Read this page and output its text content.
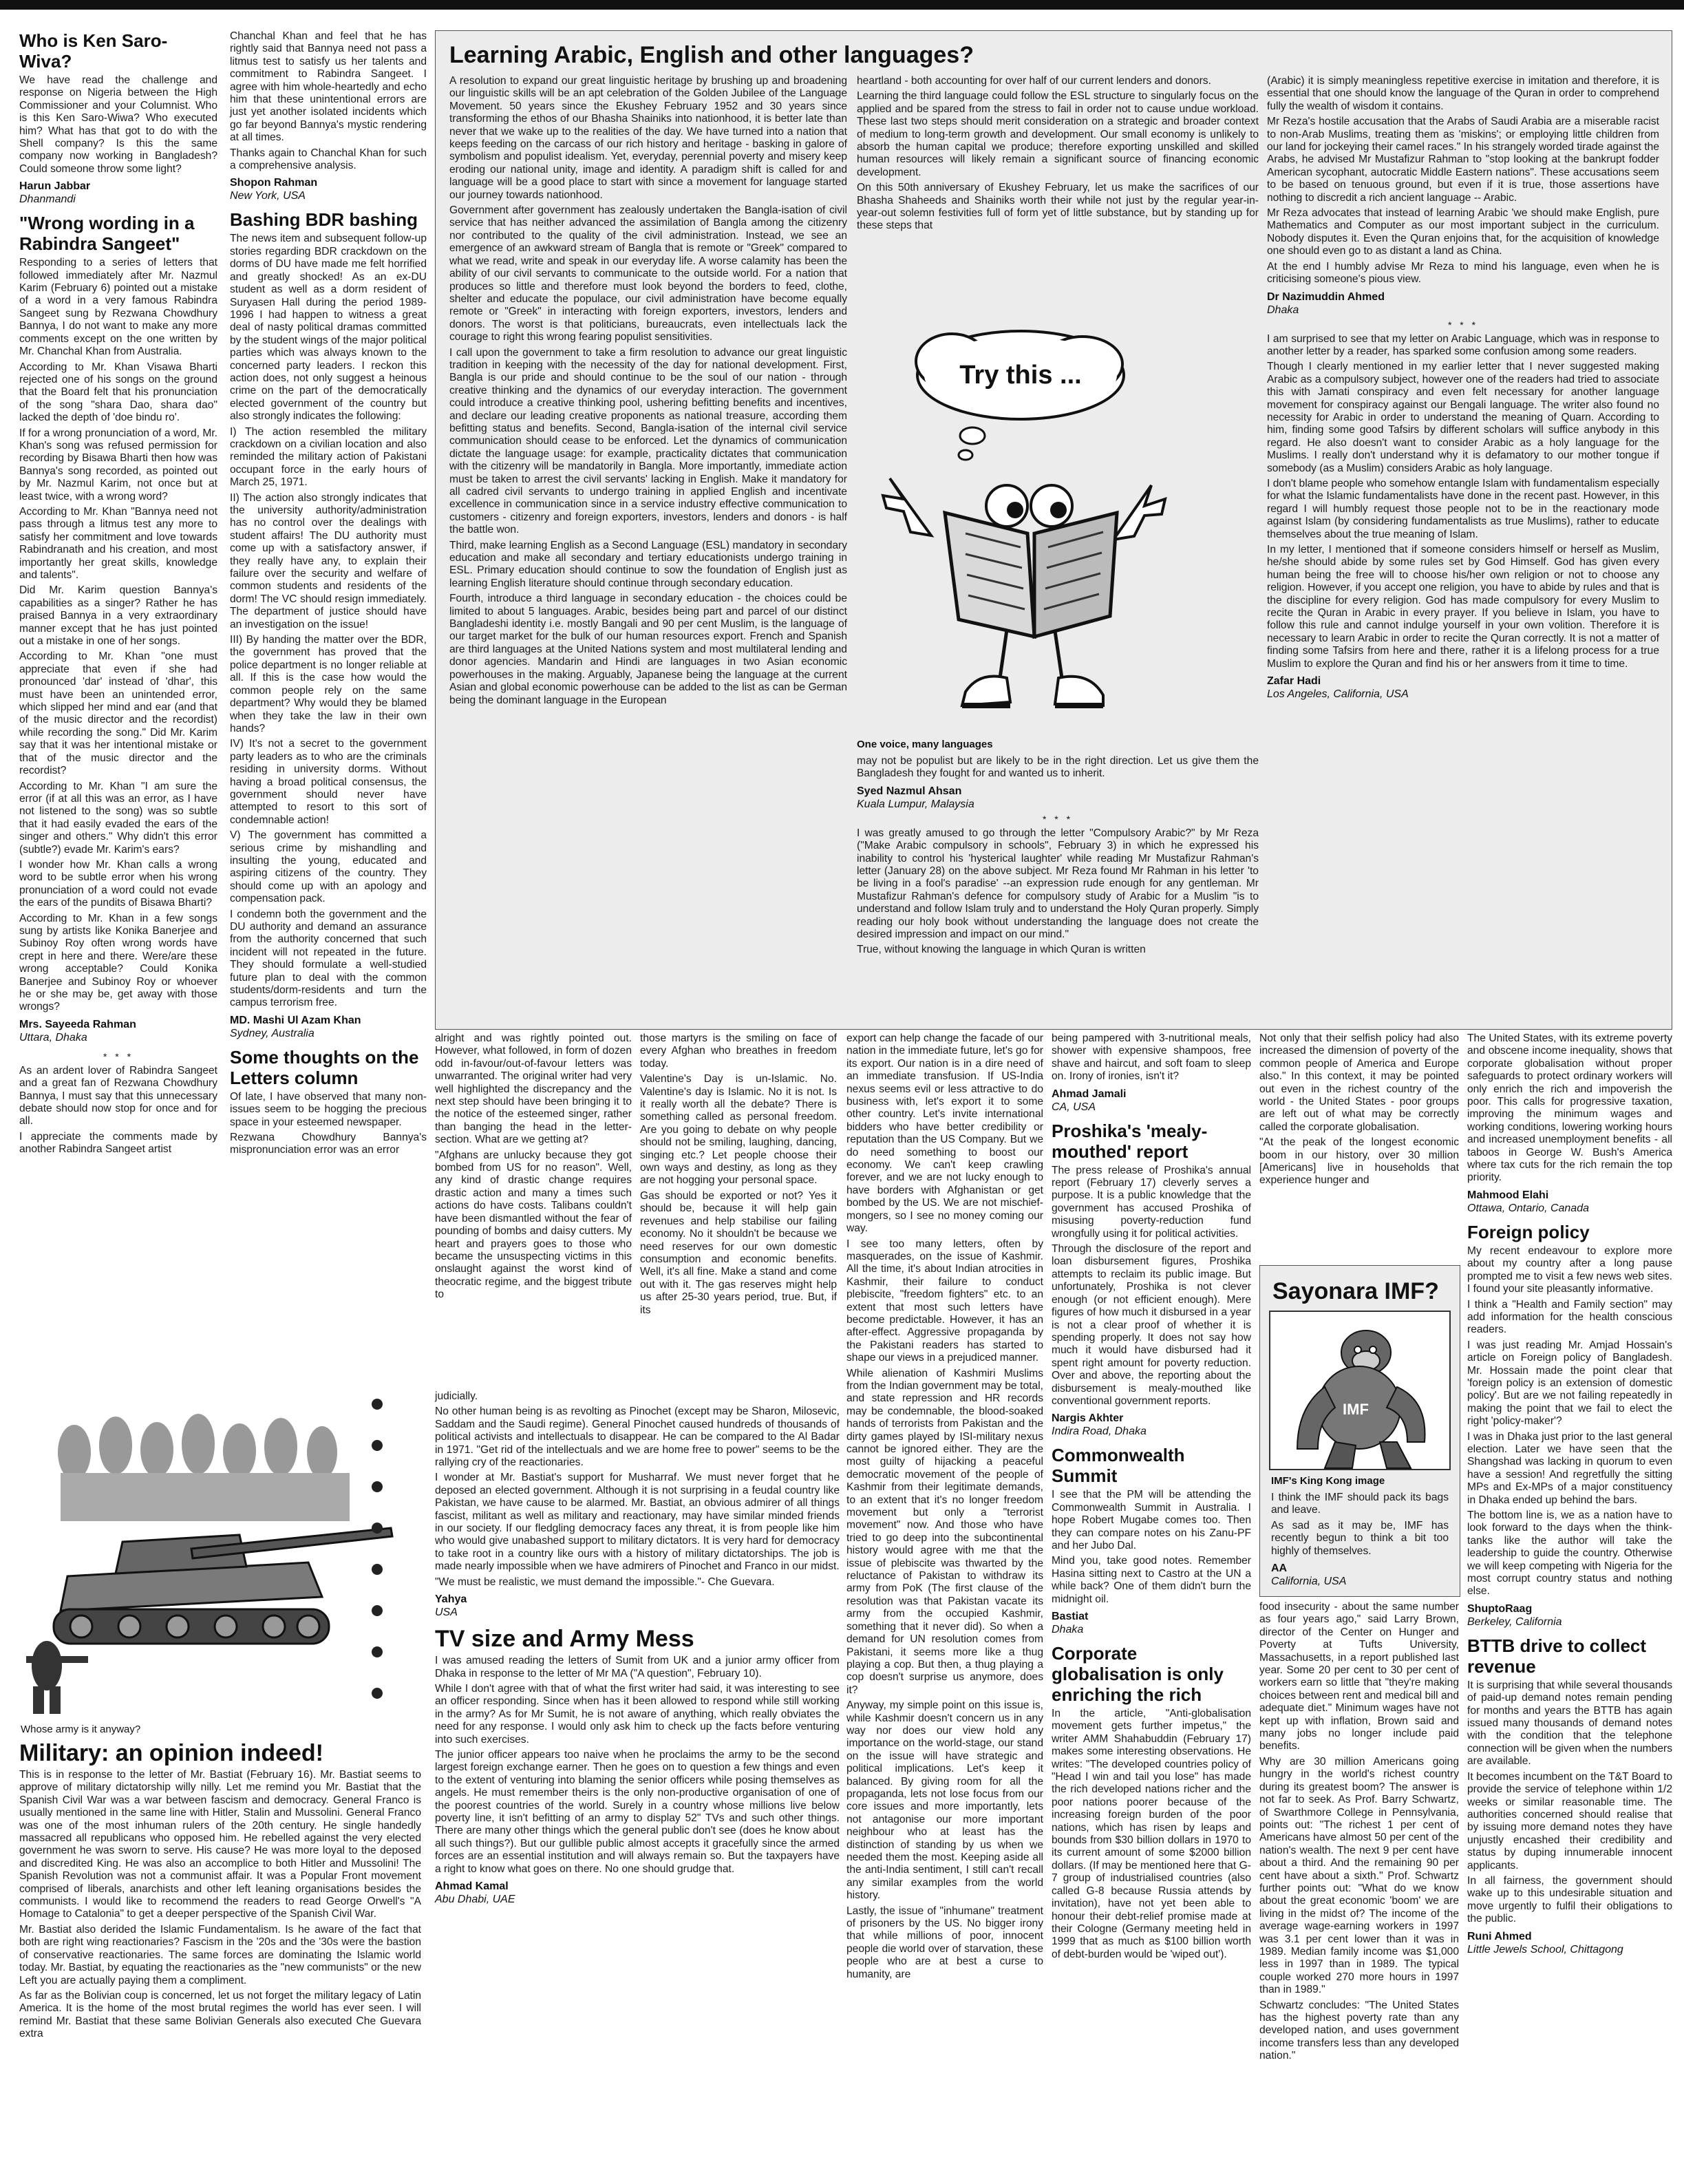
Who is Ken Saro-Wiva?

We have read the challenge and response on Nigeria between the High Commissioner and your Columnist. Who is this Ken Saro-Wiwa? Who executed him? What has that got to do with the Shell company? Is this the same company now working in Bangladesh? Could someone throw some light?

Harun Jabbar

Dhanmandi

"Wrong wording in a Rabindra Sangeet"

Responding to a series of letters that followed immediately after Mr. Nazmul Karim (February 6) pointed out a mistake of a word in a very famous Rabindra Sangeet sung by Rezwana Chowdhury Bannya, I do not want to make any more comments except on the one written by Mr. Chanchal Khan from Australia.

According to Mr. Khan Visawa Bharti rejected one of his songs on the ground that the Board felt that his pronunciation of the song "shara Dao, shara dao" lacked the depth of 'doe bindu ro'.

If for a wrong pronunciation of a word, Mr. Khan's song was refused permission for recording by Bisawa Bharti then how was Bannya's song recorded, as pointed out by Mr. Nazmul Karim, not once but at least twice, with a wrong word?

According to Mr. Khan "Bannya need not pass through a litmus test any more to satisfy her commitment and love towards Rabindranath and his creation, and most importantly her great skills, knowledge and talents".

Did Mr. Karim question Bannya's capabilities as a singer? Rather he has praised Bannya in a very extraordinary manner except that he has just pointed out a mistake in one of her songs.

According to Mr. Khan "one must appreciate that even if she had pronounced 'dar' instead of 'dhar', this must have been an unintended error, which slipped her mind and ear (and that of the music director and the recordist) while recording the song." Did Mr. Karim say that it was her intentional mistake or that of the music director and the recordist?

According to Mr. Khan "I am sure the error (if at all this was an error, as I have not listened to the song) was so subtle that it had easily evaded the ears of the singer and others." Why didn't this error (subtle?) evade Mr. Karim's ears?

I wonder how Mr. Khan calls a wrong word to be subtle error when his wrong pronunciation of a word could not evade the ears of the pundits of Bisawa Bharti?

According to Mr. Khan in a few songs sung by artists like Konika Banerjee and Subinoy Roy often wrong words have crept in here and there. Were/are these wrong acceptable? Could Konika Banerjee and Subinoy Roy or whoever he or she may be, get away with those wrongs?

Mrs. Sayeeda Rahman

Uttara, Dhaka

* * *

As an ardent lover of Rabindra Sangeet and a great fan of Rezwana Chowdhury Bannya, I must say that this unnecessary debate should now stop for once and for all.

I appreciate the comments made by another Rabindra Sangeet artist

Chanchal Khan and feel that he has rightly said that Bannya need not pass a litmus test to satisfy us her talents and commitment to Rabindra Sangeet. I agree with him whole-heartedly and echo him that these unintentional errors are just yet another isolated incidents which go far beyond Bannya's mystic rendering at all times.

Thanks again to Chanchal Khan for such a comprehensive analysis.

Shopon Rahman

New York, USA

Bashing BDR bashing

The news item and subsequent follow-up stories regarding BDR crackdown on the dorms of DU have made me felt horrified and greatly shocked! As an ex-DU student as well as a dorm resident of Suryasen Hall during the period 1989-1996 I had happen to witness a great deal of nasty political dramas committed by the student wings of the major political parties which was always known to the concerned party leaders. I reckon this action does, not only suggest a heinous crime on the part of the democratically elected government of the country but also strongly indicates the following:

I) The action resembled the military crackdown on a civilian location and also reminded the military action of Pakistani occupant force in the early hours of March 25, 1971.

II) The action also strongly indicates that the university authority/administration has no control over the dealings with student affairs! The DU authority must come up with a satisfactory answer, if they really have any, to explain their failure over the security and welfare of common students and residents of the dorm! The VC should resign immediately. The department of justice should have an investigation on the issue!

III) By handing the matter over the BDR, the government has proved that the police department is no longer reliable at all. If this is the case how would the common people rely on the same department? Why would they be blamed when they take the law in their own hands?

IV) It's not a secret to the government party leaders as to who are the criminals residing in university dorms. Without having a broad political consensus, the government should never have attempted to resort to this sort of condemnable action!

V) The government has committed a serious crime by mishandling and insulting the young, educated and aspiring citizens of the country. They should come up with an apology and compensation pack.

I condemn both the government and the DU authority and demand an assurance from the authority concerned that such incident will not repeated in the future. They should formulate a well-studied future plan to deal with the common students/dorm-residents and turn the campus terrorism free.

MD. Mashi Ul Azam Khan

Sydney, Australia

Some thoughts on the Letters column

Of late, I have observed that many non-issues seem to be hogging the precious space in your esteemed newspaper.

Rezwana Chowdhury Bannya's mispronunciation error was an error

Learning Arabic, English and other languages?

A resolution to expand our great linguistic heritage by brushing up and broadening our linguistic skills will be an apt celebration of the Golden Jubilee of the Language Movement. 50 years since the Ekushey February 1952 and 30 years since transforming the ethos of our Bhasha Shainiks into nationhood, it is better late than never that we wake up to the realities of the day. We have turned into a nation that keeps feeding on the carcass of our rich history and heritage - basking in galore of symbolism and populist idealism. Yet, everyday, perennial poverty and misery keep eroding our national unity, image and identity. A paradigm shift is called for and language will be a good place to start with since a movement for language started our journey towards nationhood.

Government after government has zealously undertaken the Bangla-isation of civil service that has neither advanced the assimilation of Bangla among the citizenry nor contributed to the quality of the civil administration. Instead, we see an emergence of an awkward stream of Bangla that is remote or "Greek" compared to what we read, write and speak in our everyday life. A worse calamity has been the ability of our civil servants to communicate to the outside world. For a nation that produces so little and therefore must look beyond the borders to feed, clothe, shelter and educate the populace, our civil administration have become equally remote or "Greek" in interacting with foreign exporters, investors, lenders and donors. The worst is that politicians, bureaucrats, even intellectuals lack the courage to right this wrong fearing populist sensitivities.

I call upon the government to take a firm resolution to advance our great linguistic tradition in keeping with the necessity of the day for national development. First, Bangla is our pride and should continue to be the soul of our nation - through creative thinking and the dynamics of our everyday interaction. The government could introduce a creative thinking pool, ushering befitting benefits and incentives, and declare our leading creative proponents as national treasure, according them befitting status and benefits. Second, Bangla-isation of the internal civil service communication should cease to be enforced. Let the dynamics of communication dictate the language usage: for example, practicality dictates that communication with the citizenry will be mandatorily in Bangla. More importantly, immediate action must be taken to arrest the civil servants' lacking in English. Make it mandatory for all cadred civil servants to undergo training in applied English and incentivate excellence in communication since in a service industry effective communication to customers - citizenry and foreign exporters, investors, lenders and donors - is half the battle won.

Third, make learning English as a Second Language (ESL) mandatory in secondary education and make all secondary and tertiary educationists undergo training in ESL. Primary education should continue to sow the foundation of English just as learning English literature should continue through secondary education.

Fourth, introduce a third language in secondary education - the choices could be limited to about 5 languages. Arabic, besides being part and parcel of our distinct Bangladeshi identity i.e. mostly Bangali and 90 per cent Muslim, is the language of our target market for the bulk of our human resources export. French and Spanish are third languages at the United Nations system and most multilateral lending and donor agencies. Mandarin and Hindi are languages in two Asian economic powerhouses in the making. Arguably, Japanese being the language at the current Asian and global economic powerhouse can be added to the list as can be German being the dominant language in the European

heartland - both accounting for over half of our current lenders and donors.

Learning the third language could follow the ESL structure to singularly focus on the applied and be spared from the stress to fail in order not to cause undue workload. These last two steps should merit consideration on a strategic and broader context of medium to long-term growth and development. Our small economy is unlikely to absorb the human capital we produce; therefore exporting unskilled and skilled human resources will likely remain a significant source of financing economic development.

On this 50th anniversary of Ekushey February, let us make the sacrifices of our Bhasha Shaheeds and Shainiks worth their while not just by the regular year-in-year-out solemn festivities full of form yet of little substance, but by standing up for these steps that

Try this ...
One voice, many languages

may not be populist but are likely to be in the right direction. Let us give them the Bangladesh they fought for and wanted us to inherit.

Syed Nazmul Ahsan

Kuala Lumpur, Malaysia

* * *

I was greatly amused to go through the letter "Compulsory Arabic?" by Mr Reza ("Make Arabic compulsory in schools", February 3) in which he expressed his inability to control his 'hysterical laughter' while reading Mr Mustafizur Rahman's letter (January 28) on the above subject. Mr Reza found Mr Rahman in his letter 'to be living in a fool's paradise' --an expression rude enough for any gentleman. Mr Mustafizur Rahman's defence for compulsory study of Arabic for a Muslim "is to understand and follow Islam truly and to understand the Holy Quran properly. Simply reading our holy book without understanding the language does not create the desired impression and impact on our mind."

True, without knowing the language in which Quran is written

(Arabic) it is simply meaningless repetitive exercise in imitation and therefore, it is essential that one should know the language of the Quran in order to comprehend fully the wealth of wisdom it contains.

Mr Reza's hostile accusation that the Arabs of Saudi Arabia are a miserable racist to non-Arab Muslims, treating them as 'miskins'; or employing little children from our land for jockeying their camel races." In his strangely worded tirade against the Arabs, he advised Mr Mustafizur Rahman to "stop looking at the bankrupt fodder American sycophant, autocratic Middle Eastern nations". These accusations seem to be based on tenuous ground, but even if it is true, those assertions have nothing to discredit a rich ancient language -- Arabic.

Mr Reza advocates that instead of learning Arabic 'we should make English, pure Mathematics and Computer as our most important subject in the curriculum. Nobody disputes it. Even the Quran enjoins that, for the acquisition of knowledge one should even go to as distant a land as China.

At the end I humbly advise Mr Reza to mind his language, even when he is criticising someone's pious view.

Dr Nazimuddin Ahmed

Dhaka

* * *

I am surprised to see that my letter on Arabic Language, which was in response to another letter by a reader, has sparked some confusion among some readers.

Though I clearly mentioned in my earlier letter that I never suggested making Arabic as a compulsory subject, however one of the readers had tried to associate this with Jamati conspiracy and even felt necessary for another language movement for conspiracy against our Bengali language. The writer also found no necessity for Arabic in order to understand the meaning of Quarn. According to him, finding some good Tafsirs by different scholars will suffice anybody in this regard. He also doesn't want to consider Arabic as a holy language for the Muslims. I really don't understand why it is defamatory to our mother tongue if somebody (as a Muslim) considers Arabic as holy language.

I don't blame people who somehow entangle Islam with fundamentalism especially for what the Islamic fundamentalists have done in the recent past. However, in this regard I will humbly request those people not to be in the reactionary mode against Islam (by considering fundamentalists as true Muslims), rather to educate themselves about the true meaning of Islam.

In my letter, I mentioned that if someone considers himself or herself as Muslim, he/she should abide by some rules set by God Himself. God has given every human being the free will to choose his/her own religion or not to choose any religion. However, if you accept one religion, you have to abide by rules and that is the discipline for every religion. God has made compulsory for every Muslim to recite the Quran in Arabic in every prayer. If you believe in Islam, you have to follow this rule and cannot indulge yourself in your own volition. Therefore it is necessary to learn Arabic in order to recite the Quran correctly. It is not a matter of finding some Tafsirs from here and there, rather it is a lifelong process for a true Muslim to explore the Quran and find his or her answers from it time to time.

Zafar Hadi

Los Angeles, California, USA

alright and was rightly pointed out. However, what followed, in form of dozen odd in-favour/out-of-favour letters was unwarranted. The original writer had very well highlighted the discrepancy and the next step should have been bringing it to the notice of the esteemed singer, rather than banging the head in the letter-section. What are we getting at?

"Afghans are unlucky because they got bombed from US for no reason". Well, any kind of drastic change requires drastic action and many a times such actions do have costs. Talibans couldn't have been dismantled without the fear of pounding of bombs and daisy cutters. My heart and prayers goes to those who became the unsuspecting victims in this onslaught against the worst kind of theocratic regime, and the biggest tribute to

those martyrs is the smiling on face of every Afghan who breathes in freedom today.

Valentine's Day is un-Islamic. No. Valentine's day is Islamic. No it is not. Is it really worth all the debate? There is something called as personal freedom. Are you going to debate on why people should not be smiling, laughing, dancing, singing etc.? Let people choose their own ways and destiny, as long as they are not hogging your personal space.

Gas should be exported or not? Yes it should be, because it will help gain revenues and help stabilise our failing economy. No it shouldn't be because we need reserves for our own domestic consumption and economic benefits. Well, it's all fine. Make a stand and come out with it. The gas reserves might help us after 25-30 years period, true. But, if its

export can help change the facade of our nation in the immediate future, let's go for its export. Our nation is in a dire need of an immediate transfusion. If US-India nexus seems evil or less attractive to do business with, let's export it to some other country. Let's invite international bidders who have better credibility or reputation than the US Company. But we do need something to boost our economy. We can't keep crawling forever, and we are not lucky enough to have borders with Afghanistan or get bombed by the US. We are not mischief-mongers, so I see no money coming our way.

I see too many letters, often by masquerades, on the issue of Kashmir. All the time, it's about Indian atrocities in Kashmir, their failure to conduct plebiscite, "freedom fighters" etc. to an extent that most such letters have become predictable. However, it has an after-effect. Aggressive propaganda by the Pakistani readers has started to shape our views in a prejudiced manner.

While alienation of Kashmiri Muslims from the Indian government may be total, and state repression and HR records may be condemnable, the blood-soaked hands of terrorists from Pakistan and the dirty games played by ISI-military nexus cannot be ignored either. They are the most guilty of hijacking a peaceful democratic movement of the people of Kashmir from their legitimate demands, to an extent that it's no longer freedom movement but only a "terrorist movement" now. And those who have tried to go deep into the subcontinental history would agree with me that the issue of plebiscite was thwarted by the reluctance of Pakistan to withdraw its army from PoK (The first clause of the resolution was that Pakistan vacate its army from the occupied Kashmir, something that it never did). So when a demand for UN resolution comes from Pakistani, it seems more like a thug playing a cop. But then, a thug playing a cop doesn't surprise us anymore, does it?

Anyway, my simple point on this issue is, while Kashmir doesn't concern us in any way nor does our view hold any importance on the world-stage, our stand on the issue will have strategic and political implications. Let's keep it balanced. By giving room for all the propaganda, lets not lose focus from our core issues and more importantly, lets not antagonise our more important neighbour who at least has the distinction of standing by us when we needed them the most. Keeping aside all the anti-India sentiment, I still can't recall any similar examples from the world history.

Lastly, the issue of "inhumane" treatment of prisoners by the US. No bigger irony that while millions of poor, innocent people die world over of starvation, these people who are at best a curse to humanity, are

being pampered with 3-nutritional meals, shower with expensive shampoos, free shave and haircut, and soft foam to sleep on. Irony of ironies, isn't it?

Ahmad Jamali

CA, USA

Proshika's 'mealy-mouthed' report

The press release of Proshika's annual report (February 17) cleverly serves a purpose. It is a public knowledge that the government has accused Proshika of misusing poverty-reduction fund wrongfully using it for political activities.

Through the disclosure of the report and loan disbursement figures, Proshika attempts to reclaim its public image. But unfortunately, Proshika is not clever enough (or not efficient enough). Mere figures of how much it disbursed in a year is not a clear proof of whether it is spending properly. It does not say how much it would have disbursed had it spent right amount for poverty reduction. Over and above, the reporting about the disbursement is mealy-mouthed like conventional government reports.

Nargis Akhter

Indira Road, Dhaka

Commonwealth Summit

I see that the PM will be attending the Commonwealth Summit in Australia. I hope Robert Mugabe comes too. Then they can compare notes on his Zanu-PF and her Jubo Dal.

Mind you, take good notes. Remember Hasina sitting next to Castro at the UN a while back? One of them didn't burn the midnight oil.

Bastiat

Dhaka

Corporate globalisation is only enriching the rich

In the article, "Anti-globalisation movement gets further impetus," the writer AMM Shahabuddin (February 17) makes some interesting observations. He writes: "The developed countries policy of "Head I win and tail you lose" has made the rich developed nations richer and the poor nations poorer because of the increasing foreign burden of the poor nations, which has risen by leaps and bounds from $30 billion dollars in 1970 to its current amount of some $2000 billion dollars. (If may be mentioned here that G-7 group of industrialised countries (also called G-8 because Russia attends by invitation), have not yet been able to honour their debt-relief promise made at their Cologne (Germany meeting held in 1999 that as much as $100 billion worth of debt-burden would be 'wiped out').

Not only that their selfish policy had also increased the dimension of poverty of the common people of America and Europe also." In this context, it may be pointed out even in the richest country of the world - the United States - poor groups are left out of what may be correctly called the corporate globalisation.

"At the peak of the longest economic boom in our history, over 30 million [Americans] live in households that experience hunger and

The United States, with its extreme poverty and obscene income inequality, shows that corporate globalisation without proper safeguards to protect ordinary workers will only enrich the rich and impoverish the poor. This calls for progressive taxation, improving the minimum wages and working conditions, lowering working hours and increased unemployment benefits - all taboos in George W. Bush's America where tax cuts for the rich remain the top priority.

Mahmood Elahi

Ottawa, Ontario, Canada

Foreign policy

My recent endeavour to explore more about my country after a long pause prompted me to visit a few news web sites. I found your site pleasantly informative.

I think a "Health and Family section" may add information for the health conscious readers.

I was just reading Mr. Amjad Hossain's article on Foreign policy of Bangladesh. Mr. Hossain made the point clear that 'foreign policy is an extension of domestic policy'. But are we not failing repeatedly in making the point that we fail to elect the right 'policy-maker'?

I was in Dhaka just prior to the last general election. Later we have seen that the Shangshad was lacking in quorum to even have a session! And regretfully the sitting MPs and Ex-MPs of a major constituency in Dhaka ended up behind the bars.

The bottom line is, we as a nation have to look forward to the days when the think-tanks like the author will take the leadership to guide the country. Otherwise we will keep competing with Nigeria for the most corrupt country status and nothing else.

ShuptoRaag

Berkeley, California

BTTB drive to collect revenue

It is surprising that while several thousands of paid-up demand notes remain pending for months and years the BTTB has again issued many thousands of demand notes with the condition that the telephone connection will be given when the numbers are available.

It becomes incumbent on the T&T Board to provide the service of telephone within 1/2 weeks or similar reasonable time. The authorities concerned should realise that by issuing more demand notes they have unjustly encashed their credibility and status by duping innumerable innocent applicants.

In all fairness, the government should wake up to this undesirable situation and move urgently to fulfil their obligations to the public.

Runi Ahmed

Little Jewels School, Chittagong

Sayonara IMF?
IMF
IMF's King Kong image

I think the IMF should pack its bags and leave.

As sad as it may be, IMF has recently begun to think a bit too highly of themselves.

AA

California, USA

food insecurity - about the same number as four years ago," said Larry Brown, director of the Center on Hunger and Poverty at Tufts University, Massachusetts, in a report published last year. Some 20 per cent to 30 per cent of workers earn so little that "they're making choices between rent and medical bill and adequate diet." Minimum wages have not kept up with inflation, Brown said and many jobs no longer include paid benefits.

Why are 30 million Americans going hungry in the world's richest country during its greatest boom? The answer is not far to seek. As Prof. Barry Schwartz, of Swarthmore College in Pennsylvania, points out: "The richest 1 per cent of Americans have almost 50 per cent of the nation's wealth. The next 9 per cent have about a third. And the remaining 90 per cent have about a sixth." Prof. Schwartz further points out: "What do we know about the great economic 'boom' we are living in the midst of? The income of the average wage-earning workers in 1997 was 3.1 per cent lower than it was in 1989. Median family income was $1,000 less in 1997 than in 1989. The typical couple worked 270 more hours in 1997 than in 1989."

Schwartz concludes: "The United States has the highest poverty rate than any developed nation, and uses government income transfers less than any developed nation."

Whose army is it anyway?
Military: an opinion indeed!

This is in response to the letter of Mr. Bastiat (February 16). Mr. Bastiat seems to approve of military dictatorship willy nilly. Let me remind you Mr. Bastiat that the Spanish Civil War was a war between fascism and democracy. General Franco is usually mentioned in the same line with Hitler, Stalin and Mussolini. General Franco was one of the most inhuman rulers of the 20th century. He single handedly massacred all republicans who opposed him. He rebelled against the very elected government he was sworn to serve. His cause? He was more loyal to the deposed and discredited King. He was also an accomplice to both Hitler and Mussolini! The Spanish Revolution was not a communist affair. It was a Popular Front movement comprised of liberals, anarchists and other left leaning organisations besides the communists. I would like to recommend the readers to read George Orwell's "A Homage to Catalonia" to get a deeper perspective of the Spanish Civil War.

Mr. Bastiat also derided the Islamic Fundamentalism. Is he aware of the fact that both are right wing reactionaries? Fascism in the '20s and the '30s were the bastion of conservative reactionaries. The same forces are dominating the Islamic world today. Mr. Bastiat, by equating the reactionaries as the "new communists" or the new Left you are actually paying them a compliment.

As far as the Bolivian coup is concerned, let us not forget the military legacy of Latin America. It is the home of the most brutal regimes the world has ever seen. I will remind Mr. Bastiat that these same Bolivian Generals also executed Che Guevara extra

judicially.

No other human being is as revolting as Pinochet (except may be Sharon, Milosevic, Saddam and the Saudi regime). General Pinochet caused hundreds of thousands of political activists and intellectuals to disappear. He can be compared to the Al Badar in 1971. "Get rid of the intellectuals and we are home free to power" seems to be the rallying cry of the reactionaries.

I wonder at Mr. Bastiat's support for Musharraf. We must never forget that he deposed an elected government. Although it is not surprising in a feudal country like Pakistan, we have cause to be alarmed. Mr. Bastiat, an obvious admirer of all things fascist, militant as well as military and reactionary, may have similar minded friends in our society. If our fledgling democracy faces any threat, it is from people like him who would give unabashed support to military dictators. It is very hard for democracy to take root in a country like ours with a history of military dictatorships. The job is made nearly impossible when we have admirers of Pinochet and Franco in our midst.

"We must be realistic, we must demand the impossible."- Che Guevara.

Yahya

USA

TV size and Army Mess

I was amused reading the letters of Sumit from UK and a junior army officer from Dhaka in response to the letter of Mr MA ("A question", February 10).

While I don't agree with that of what the first writer had said, it was interesting to see an officer responding. Since when has it been allowed to respond while still working in the army? As for Mr Sumit, he is not aware of anything, which really obviates the need for any response. I would only ask him to check up the facts before venturing into such exercises.

The junior officer appears too naive when he proclaims the army to be the second largest foreign exchange earner. Then he goes on to question a few things and even to the extent of venturing into blaming the senior officers while posing themselves as angels. He must remember theirs is the only non-productive organisation of one of the poorest countries of the world. Surely in a country whose millions live below poverty line, it isn't befitting of an army to display 52" TVs and such other things. There are many other things which the general public don't see (does he know about all such things?). But our gullible public almost accepts it gracefully since the armed forces are an essential institution and will always remain so. But the taxpayers have a right to know what goes on there. No one should grudge that.

Ahmad Kamal

Abu Dhabi, UAE
